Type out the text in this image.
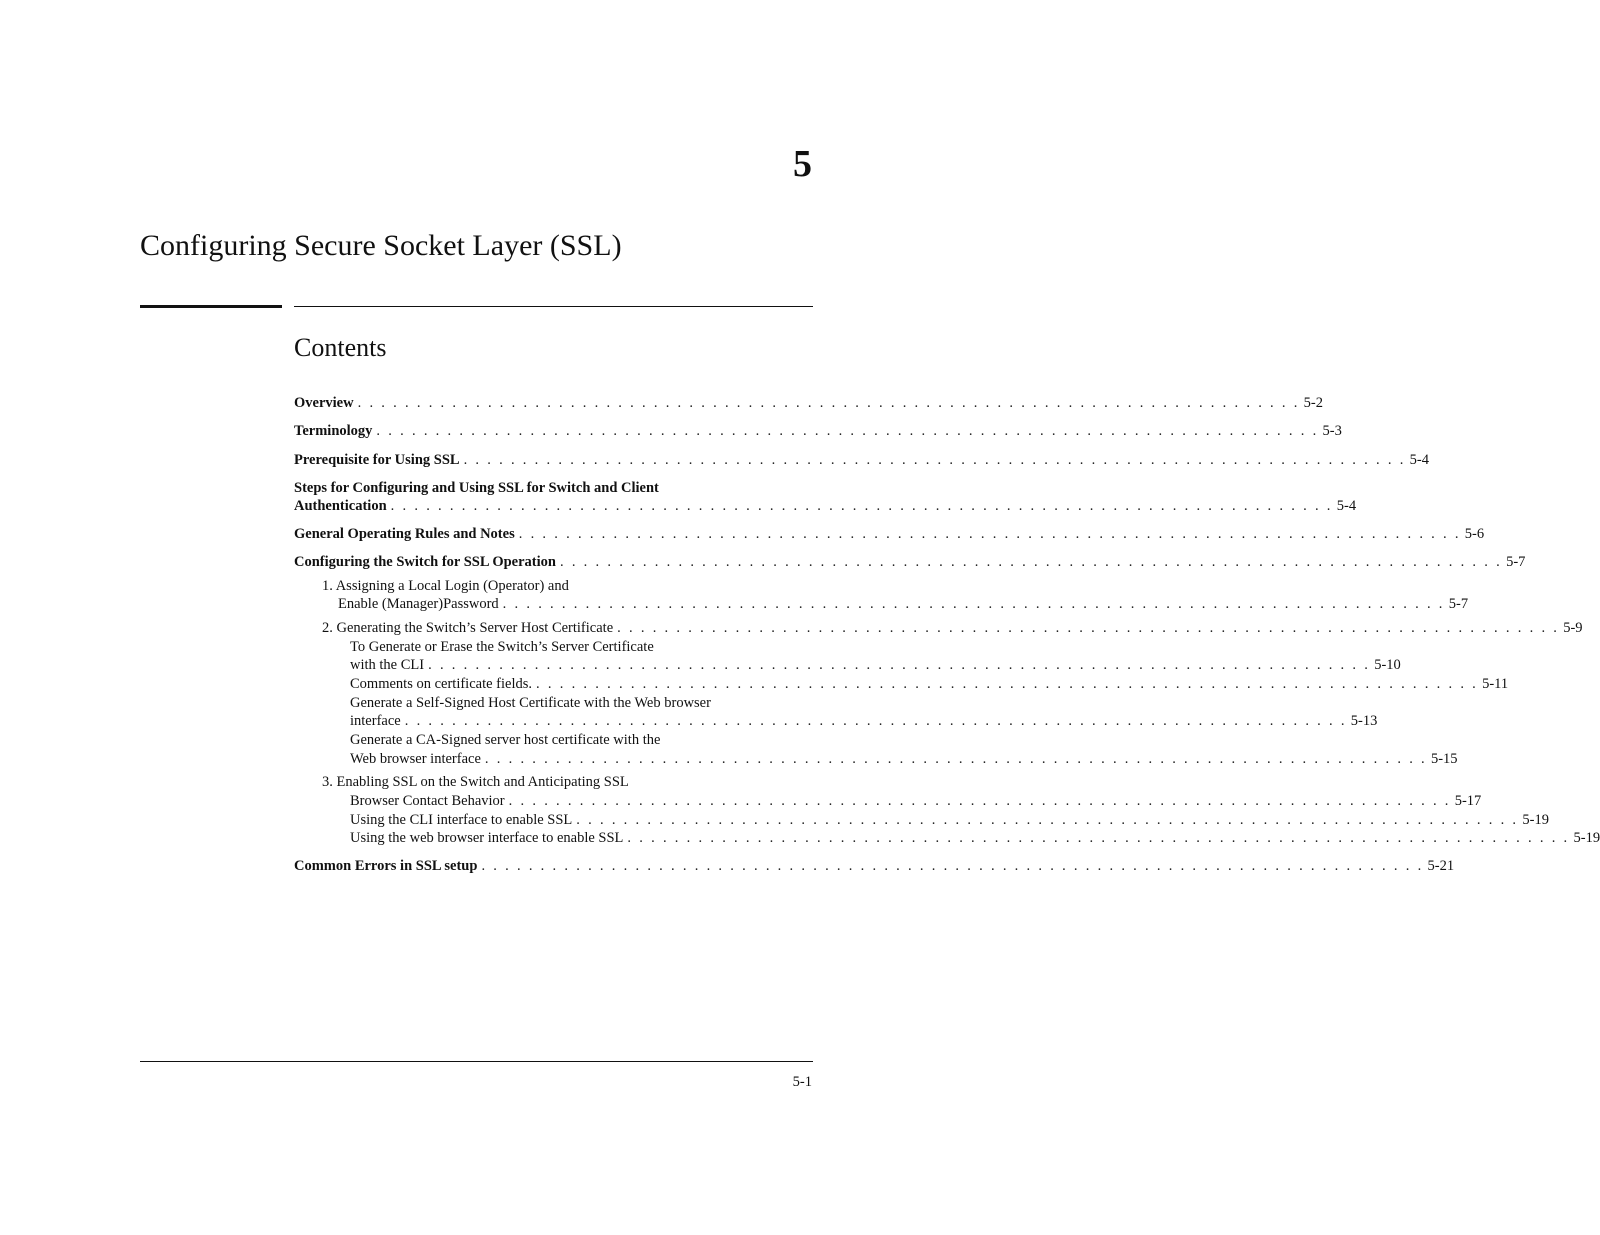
5
Configuring Secure Socket Layer (SSL)
Contents
Overview . . . . . . . . . . . . . . . . . . . . . . . . . . . . . . . . . . . . . . . . . . . . . . . . . . . . . . . . . . . . . . . . . . . . . . . . . . . . . . . . 5-2
Terminology . . . . . . . . . . . . . . . . . . . . . . . . . . . . . . . . . . . . . . . . . . . . . . . . . . . . . . . . . . . . . . . . . . . . . . . . . . . . . . . . 5-3
Prerequisite for Using SSL . . . . . . . . . . . . . . . . . . . . . . . . . . . . . . . . . . . . . . . . . . . . . . . . . . . . . . . . . . . . . . . . . . . . . . . . . . . . . . . . 5-4
Steps for Configuring and Using SSL for Switch and Client
Authentication . . . . . . . . . . . . . . . . . . . . . . . . . . . . . . . . . . . . . . . . . . . . . . . . . . . . . . . . . . . . . . . . . . . . . . . . . . . . . . . . 5-4
General Operating Rules and Notes . . . . . . . . . . . . . . . . . . . . . . . . . . . . . . . . . . . . . . . . . . . . . . . . . . . . . . . . . . . . . . . . . . . . . . . . . . . . . . . . 5-6
Configuring the Switch for SSL Operation . . . . . . . . . . . . . . . . . . . . . . . . . . . . . . . . . . . . . . . . . . . . . . . . . . . . . . . . . . . . . . . . . . . . . . . . . . . . . . . . 5-7
1. Assigning a Local Login (Operator) and
Enable (Manager)Password . . . . . . . . . . . . . . . . . . . . . . . . . . . . . . . . . . . . . . . . . . . . . . . . . . . . . . . . . . . . . . . . . . . . . . . . . . . . . . . . 5-7
2. Generating the Switch’s Server Host Certificate . . . . . . . . . . . . . . . . . . . . . . . . . . . . . . . . . . . . . . . . . . . . . . . . . . . . . . . . . . . . . . . . . . . . . . . . . . . . . . . . 5-9
To Generate or Erase the Switch’s Server Certificate
with the CLI . . . . . . . . . . . . . . . . . . . . . . . . . . . . . . . . . . . . . . . . . . . . . . . . . . . . . . . . . . . . . . . . . . . . . . . . . . . . . . . . 5-10
Comments on certificate fields. . . . . . . . . . . . . . . . . . . . . . . . . . . . . . . . . . . . . . . . . . . . . . . . . . . . . . . . . . . . . . . . . . . . . . . . . . . . . . . . . 5-11
Generate a Self-Signed Host Certificate with the Web browser
interface . . . . . . . . . . . . . . . . . . . . . . . . . . . . . . . . . . . . . . . . . . . . . . . . . . . . . . . . . . . . . . . . . . . . . . . . . . . . . . . . 5-13
Generate a CA-Signed server host certificate with the
Web browser interface . . . . . . . . . . . . . . . . . . . . . . . . . . . . . . . . . . . . . . . . . . . . . . . . . . . . . . . . . . . . . . . . . . . . . . . . . . . . . . . . 5-15
3. Enabling SSL on the Switch and Anticipating SSL
Browser Contact Behavior . . . . . . . . . . . . . . . . . . . . . . . . . . . . . . . . . . . . . . . . . . . . . . . . . . . . . . . . . . . . . . . . . . . . . . . . . . . . . . . . 5-17
Using the CLI interface to enable SSL . . . . . . . . . . . . . . . . . . . . . . . . . . . . . . . . . . . . . . . . . . . . . . . . . . . . . . . . . . . . . . . . . . . . . . . . . . . . . . . . 5-19
Using the web browser interface to enable SSL . . . . . . . . . . . . . . . . . . . . . . . . . . . . . . . . . . . . . . . . . . . . . . . . . . . . . . . . . . . . . . . . . . . . . . . . . . . . . . . . 5-19
Common Errors in SSL setup . . . . . . . . . . . . . . . . . . . . . . . . . . . . . . . . . . . . . . . . . . . . . . . . . . . . . . . . . . . . . . . . . . . . . . . . . . . . . . . . 5-21
5-1
